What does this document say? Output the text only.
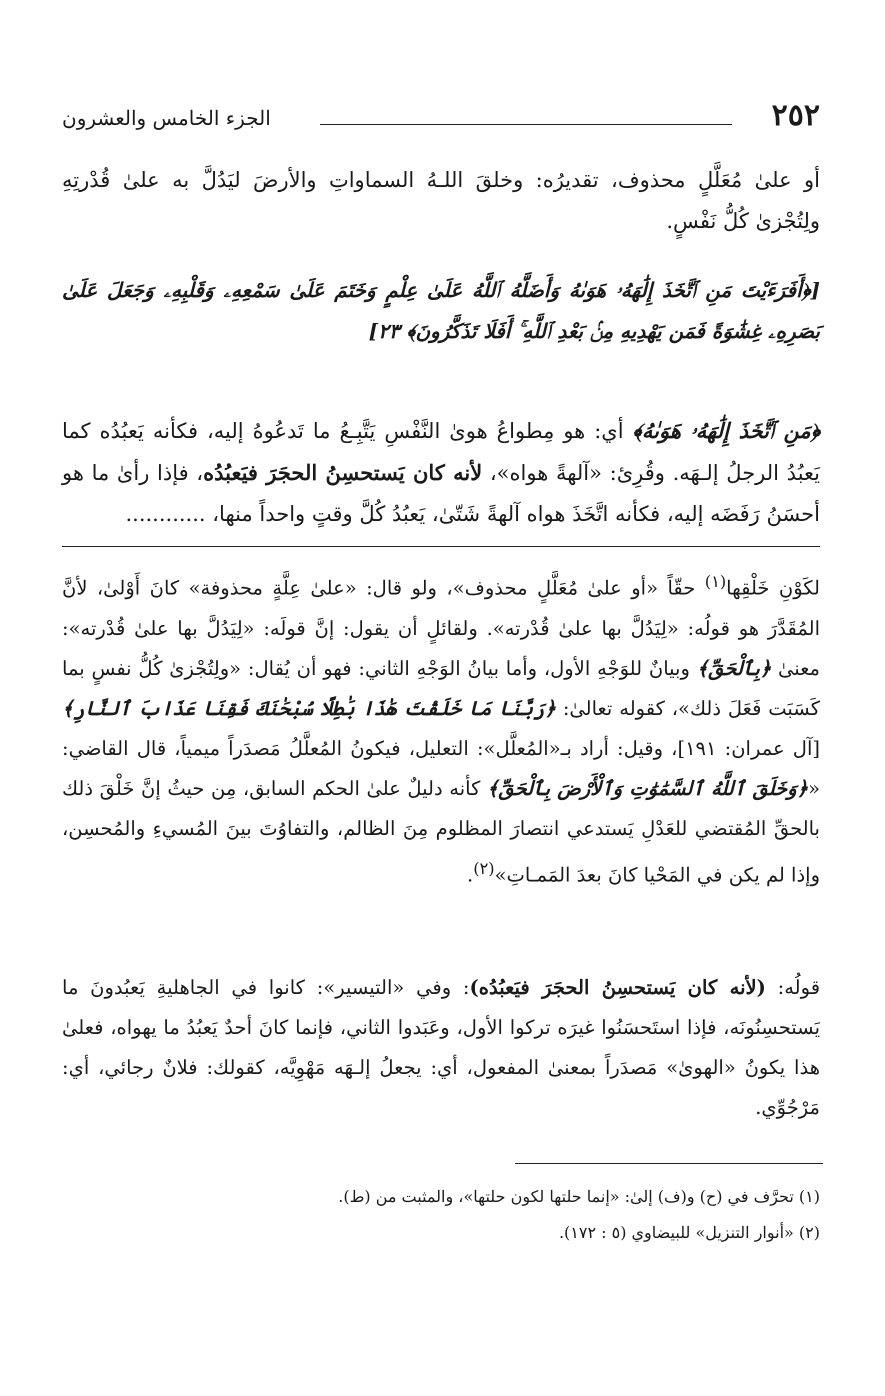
٢٥٢
الجزء الخامس والعشرون

أو علىٰ مُعَلَّلٍ محذوف، تقديرُه: وخلقَ اللـهُ السماواتِ والأرضَ ليَدُلَّ به علىٰ قُدْرتِهِ ولِتُجْزىٰ كُلُّ نَفْسٍ.

[﴿أَفَرَءَيْتَ مَنِ ٱتَّخَذَ إِلَٰهَهُۥ هَوَىٰهُ وَأَضَلَّهُ ٱللَّهُ عَلَىٰ عِلْمٍ وَخَتَمَ عَلَىٰ سَمْعِهِۦ وَقَلْبِهِۦ وَجَعَلَ عَلَىٰ بَصَرِهِۦ غِشَٰوَةً فَمَن يَهْدِيهِ مِنۢ بَعْدِ ٱللَّهِ ۚ أَفَلَا تَذَكَّرُونَ﴾ ٢٣]

﴿مَنِ ٱتَّخَذَ إِلَٰهَهُۥ هَوَىٰهُ﴾ أي: هو مِطواعُ هوىٰ النَّفْسِ يَتَّبِـعُ ما تَدعُوهُ إليه، فكأنه يَعبُدُه كما يَعبُدُ الرجلُ إلـهَه. وقُرِئ: «آلهةً هواه»، لأنه كان يَستحسِنُ الحجَرَ فيَعبُدُه، فإذا رأىٰ ما هو أحسَنُ رَفَضَه إليه، فكأنه اتَّخَذَ هواه آلهةً شَتّىٰ، يَعبُدُ كُلَّ وقتٍ واحداً منها، ............

لكَوْنِ خَلْقِها$^{(١)}$ حقّاً «أو علىٰ مُعَلَّلٍ محذوف»، ولو قال: «علىٰ عِلَّةٍ محذوفة» كانَ أَوْلىٰ، لأنَّ المُقَدَّرَ هو قولُه: «لِيَدُلَّ بها علىٰ قُدْرته». ولقائلٍ أن يقول: إنَّ قولَه: «لِيَدُلَّ بها علىٰ قُدْرته»: معنىٰ ﴿بِٱلْحَقِّ﴾ وبيانٌ للوَجْهِ الأول، وأما بيانُ الوَجْهِ الثاني: فهو أن يُقال: «ولِتُجْزىٰ كُلُّ نفسٍ بما كَسَبَت فَعَلَ ذلك»، كقوله تعالىٰ: ﴿رَبَّنَا مَا خَلَقْتَ هَٰذَا بَٰطِلًا سُبْحَٰنَكَ فَقِنَا عَذَابَ ٱلنَّارِ﴾ [آل عمران: ١٩١]، وقيل: أراد بـ«المُعلَّل»: التعليل، فيكونُ المُعلَّلُ مَصدَراً ميمياً، قال القاضي: «﴿وَخَلَقَ ٱللَّهُ ٱلسَّمَٰوَٰتِ وَٱلْأَرْضَ بِٱلْحَقِّ﴾ كأنه دليلٌ علىٰ الحكم السابق، مِن حيثُ إنَّ خَلْقَ ذلك بالحقِّ المُقتضي للعَدْلِ يَستدعي انتصارَ المظلوم مِنَ الظالم، والتفاوُتَ بينَ المُسيءِ والمُحسِن، وإذا لم يكن في المَحْيا كانَ بعدَ المَمـاتِ»$^{(٢)}$.

قولُه: (لأنه كان يَستحسِنُ الحجَرَ فيَعبُدُه): وفي «التيسير»: كانوا في الجاهليةِ يَعبُدونَ ما يَستحسِنُونَه، فإذا استَحسَنُوا غيرَه تركوا الأول، وعَبَدوا الثاني، فإنما كانَ أحدٌ يَعبُدُ ما يهواه، فعلىٰ هذا يكونُ «الهوىٰ» مَصدَراً بمعنىٰ المفعول، أي: يجعلُ إلـهَه مَهْوِيَّه، كقولك: فلانٌ رجائي، أي: مَرْجُوِّي.

(١) تحرَّف في (ح) و(ف) إلىٰ: «إنما حلتها لكون حلتها»، والمثبت من (ط).

(٢) «أنوار التنزيل» للبيضاوي (٥ : ١٧٢).
